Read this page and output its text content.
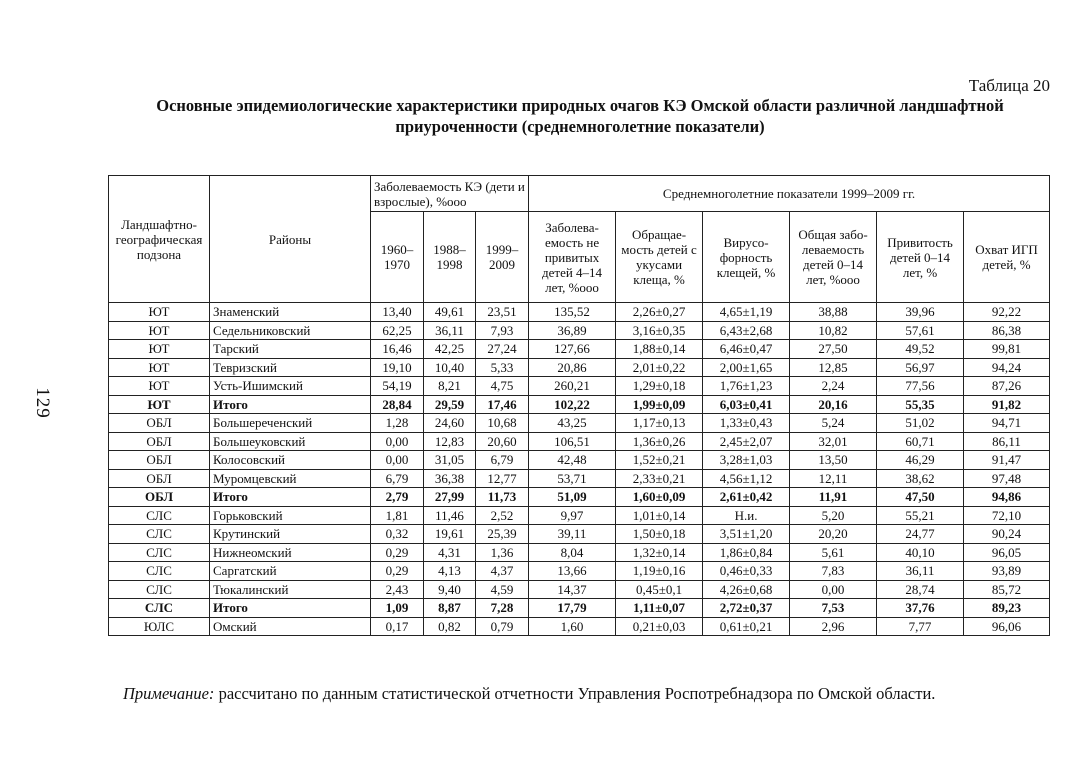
129
Таблица 20
Основные эпидемиологические характеристики природных очагов КЭ Омской области различной ландшафтной
приуроченности (среднемноголетние показатели)
Ландшафтно-географическая подзона	Районы	Заболеваемость КЭ (дети и взрослые), %ooo			Среднемноголетние показатели 1999–2009 гг.					
		1960–1970	1988–1998	1999–2009	Заболева-емость не привитых детей 4–14 лет, %ooo	Обращае-мость детей с укусами клеща, %	Вирусо-форность клещей, %	Общая забо-леваемость детей 0–14 лет, %ooo	Привитость детей 0–14 лет, %	Охват ИГП детей, %
ЮТ	Знаменский	13,40	49,61	23,51	135,52	2,26±0,27	4,65±1,19	38,88	39,96	92,22
ЮТ	Седельниковский	62,25	36,11	7,93	36,89	3,16±0,35	6,43±2,68	10,82	57,61	86,38
ЮТ	Тарский	16,46	42,25	27,24	127,66	1,88±0,14	6,46±0,47	27,50	49,52	99,81
ЮТ	Тевризский	19,10	10,40	5,33	20,86	2,01±0,22	2,00±1,65	12,85	56,97	94,24
ЮТ	Усть-Ишимский	54,19	8,21	4,75	260,21	1,29±0,18	1,76±1,23	2,24	77,56	87,26
ЮТ	Итого	28,84	29,59	17,46	102,22	1,99±0,09	6,03±0,41	20,16	55,35	91,82
ОБЛ	Большереченский	1,28	24,60	10,68	43,25	1,17±0,13	1,33±0,43	5,24	51,02	94,71
ОБЛ	Большеуковский	0,00	12,83	20,60	106,51	1,36±0,26	2,45±2,07	32,01	60,71	86,11
ОБЛ	Колосовский	0,00	31,05	6,79	42,48	1,52±0,21	3,28±1,03	13,50	46,29	91,47
ОБЛ	Муромцевский	6,79	36,38	12,77	53,71	2,33±0,21	4,56±1,12	12,11	38,62	97,48
ОБЛ	Итого	2,79	27,99	11,73	51,09	1,60±0,09	2,61±0,42	11,91	47,50	94,86
СЛС	Горьковский	1,81	11,46	2,52	9,97	1,01±0,14	Н.и.	5,20	55,21	72,10
СЛС	Крутинский	0,32	19,61	25,39	39,11	1,50±0,18	3,51±1,20	20,20	24,77	90,24
СЛС	Нижнеомский	0,29	4,31	1,36	8,04	1,32±0,14	1,86±0,84	5,61	40,10	96,05
СЛС	Саргатский	0,29	4,13	4,37	13,66	1,19±0,16	0,46±0,33	7,83	36,11	93,89
СЛС	Тюкалинский	2,43	9,40	4,59	14,37	0,45±0,1	4,26±0,68	0,00	28,74	85,72
СЛС	Итого	1,09	8,87	7,28	17,79	1,11±0,07	2,72±0,37	7,53	37,76	89,23
ЮЛС	Омский	0,17	0,82	0,79	1,60	0,21±0,03	0,61±0,21	2,96	7,77	96,06
Примечание: рассчитано по данным статистической отчетности Управления Роспотребнадзора по Омской области.
